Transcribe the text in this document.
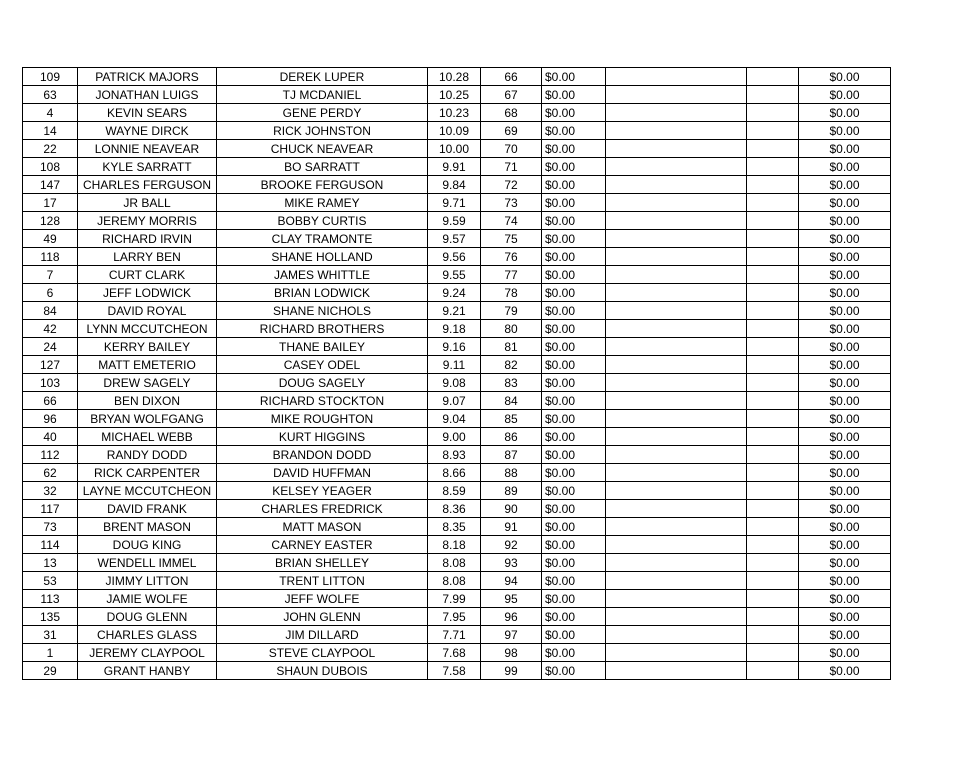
109	PATRICK MAJORS	DEREK LUPER	10.28	66	$0.00			$0.00
63	JONATHAN LUIGS	TJ MCDANIEL	10.25	67	$0.00			$0.00
4	KEVIN SEARS	GENE PERDY	10.23	68	$0.00			$0.00
14	WAYNE DIRCK	RICK JOHNSTON	10.09	69	$0.00			$0.00
22	LONNIE NEAVEAR	CHUCK NEAVEAR	10.00	70	$0.00			$0.00
108	KYLE SARRATT	BO SARRATT	9.91	71	$0.00			$0.00
147	CHARLES FERGUSON	BROOKE FERGUSON	9.84	72	$0.00			$0.00
17	JR BALL	MIKE RAMEY	9.71	73	$0.00			$0.00
128	JEREMY MORRIS	BOBBY CURTIS	9.59	74	$0.00			$0.00
49	RICHARD IRVIN	CLAY TRAMONTE	9.57	75	$0.00			$0.00
118	LARRY BEN	SHANE HOLLAND	9.56	76	$0.00			$0.00
7	CURT CLARK	JAMES WHITTLE	9.55	77	$0.00			$0.00
6	JEFF LODWICK	BRIAN LODWICK	9.24	78	$0.00			$0.00
84	DAVID ROYAL	SHANE NICHOLS	9.21	79	$0.00			$0.00
42	LYNN MCCUTCHEON	RICHARD BROTHERS	9.18	80	$0.00			$0.00
24	KERRY BAILEY	THANE BAILEY	9.16	81	$0.00			$0.00
127	MATT EMETERIO	CASEY ODEL	9.11	82	$0.00			$0.00
103	DREW SAGELY	DOUG SAGELY	9.08	83	$0.00			$0.00
66	BEN DIXON	RICHARD STOCKTON	9.07	84	$0.00			$0.00
96	BRYAN WOLFGANG	MIKE ROUGHTON	9.04	85	$0.00			$0.00
40	MICHAEL WEBB	KURT HIGGINS	9.00	86	$0.00			$0.00
112	RANDY DODD	BRANDON DODD	8.93	87	$0.00			$0.00
62	RICK CARPENTER	DAVID HUFFMAN	8.66	88	$0.00			$0.00
32	LAYNE MCCUTCHEON	KELSEY YEAGER	8.59	89	$0.00			$0.00
117	DAVID FRANK	CHARLES FREDRICK	8.36	90	$0.00			$0.00
73	BRENT MASON	MATT MASON	8.35	91	$0.00			$0.00
114	DOUG KING	CARNEY EASTER	8.18	92	$0.00			$0.00
13	WENDELL IMMEL	BRIAN SHELLEY	8.08	93	$0.00			$0.00
53	JIMMY LITTON	TRENT LITTON	8.08	94	$0.00			$0.00
113	JAMIE WOLFE	JEFF WOLFE	7.99	95	$0.00			$0.00
135	DOUG GLENN	JOHN GLENN	7.95	96	$0.00			$0.00
31	CHARLES GLASS	JIM DILLARD	7.71	97	$0.00			$0.00
1	JEREMY CLAYPOOL	STEVE CLAYPOOL	7.68	98	$0.00			$0.00
29	GRANT HANBY	SHAUN DUBOIS	7.58	99	$0.00			$0.00
